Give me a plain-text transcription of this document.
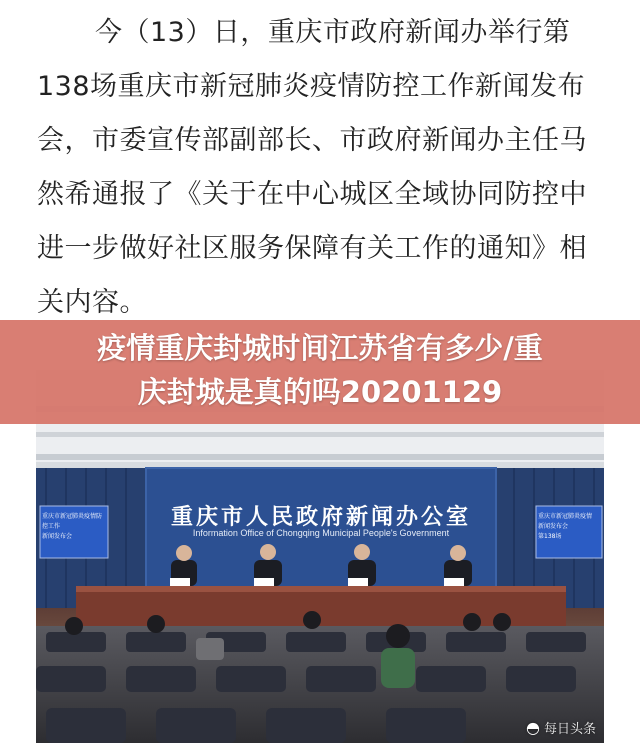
今（13）日，重庆市政府新闻办举行第138场重庆市新冠肺炎疫情防控工作新闻发布会，市委宣传部副部长、市政府新闻办主任马然希通报了《关于在中心城区全域协同防控中进一步做好社区服务保障有关工作的通知》相关内容。

疫情重庆封城时间江苏省有多少/重
庆封城是真的吗20201129
重庆市人民政府新闻办公室
Information Office of Chongqing Municipal People's Government
重庆市新冠肺炎疫情防控工作
新闻发布会
重庆市新冠肺炎疫情
新闻发布会
第138场
◓ 每日头条
